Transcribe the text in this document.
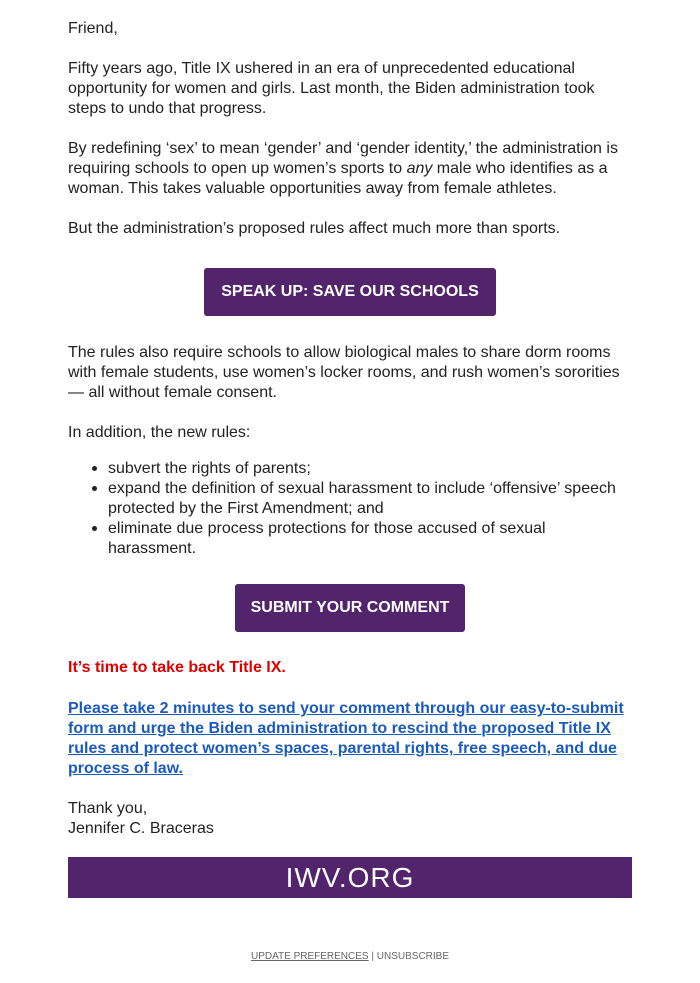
Friend,

Fifty years ago, Title IX ushered in an era of unprecedented educational opportunity for women and girls. Last month, the Biden administration took steps to undo that progress.

By redefining ‘sex’ to mean ‘gender’ and ‘gender identity,’ the administration is requiring schools to open up women’s sports to any male who identifies as a woman. This takes valuable opportunities away from female athletes.

But the administration’s proposed rules affect much more than sports.

SPEAK UP: SAVE OUR SCHOOLS

The rules also require schools to allow biological males to share dorm rooms with female students, use women’s locker rooms, and rush women’s sororities — all without female consent.

In addition, the new rules:

subvert the rights of parents;
expand the definition of sexual harassment to include ‘offensive’ speech protected by the First Amendment; and
eliminate due process protections for those accused of sexual harassment.
SUBMIT YOUR COMMENT

It’s time to take back Title IX.

Please take 2 minutes to send your comment through our easy-to-submit form and urge the Biden administration to rescind the proposed Title IX rules and protect women’s spaces, parental rights, free speech, and due process of law.

Thank you,

Jennifer C. Braceras

IWV.ORG
UPDATE PREFERENCES | UNSUBSCRIBE
